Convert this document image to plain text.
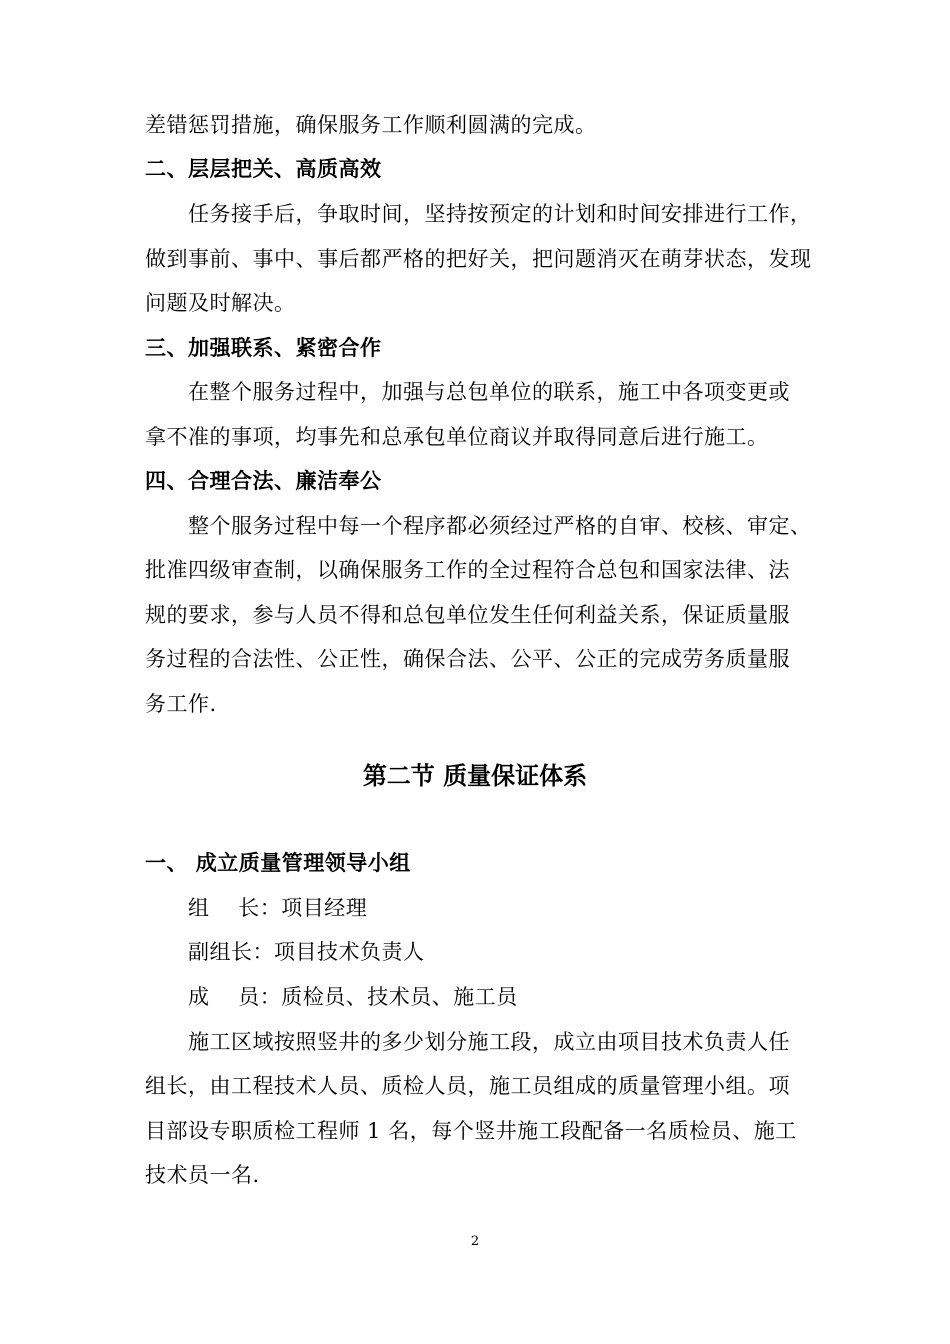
差错惩罚措施，确保服务工作顺利圆满的完成。
二、层层把关、高质高效
任务接手后，争取时间，坚持按预定的计划和时间安排进行工作，
做到事前、事中、事后都严格的把好关，把问题消灭在萌芽状态，发现
问题及时解决。
三、加强联系、紧密合作
在整个服务过程中，加强与总包单位的联系，施工中各项变更或
拿不准的事项，均事先和总承包单位商议并取得同意后进行施工。
四、合理合法、廉洁奉公
整个服务过程中每一个程序都必须经过严格的自审、校核、审定、
批准四级审查制，以确保服务工作的全过程符合总包和国家法律、法
规的要求，参与人员不得和总包单位发生任何利益关系，保证质量服
务过程的合法性、公正性，确保合法、公平、公正的完成劳务质量服
务工作.
第二节 质量保证体系
一、 成立质量管理领导小组
组    长：项目经理
副组长：项目技术负责人
成    员：质检员、技术员、施工员
施工区域按照竖井的多少划分施工段，成立由项目技术负责人任
组长，由工程技术人员、质检人员，施工员组成的质量管理小组。项
目部设专职质检工程师 1 名，每个竖井施工段配备一名质检员、施工
技术员一名.
2
